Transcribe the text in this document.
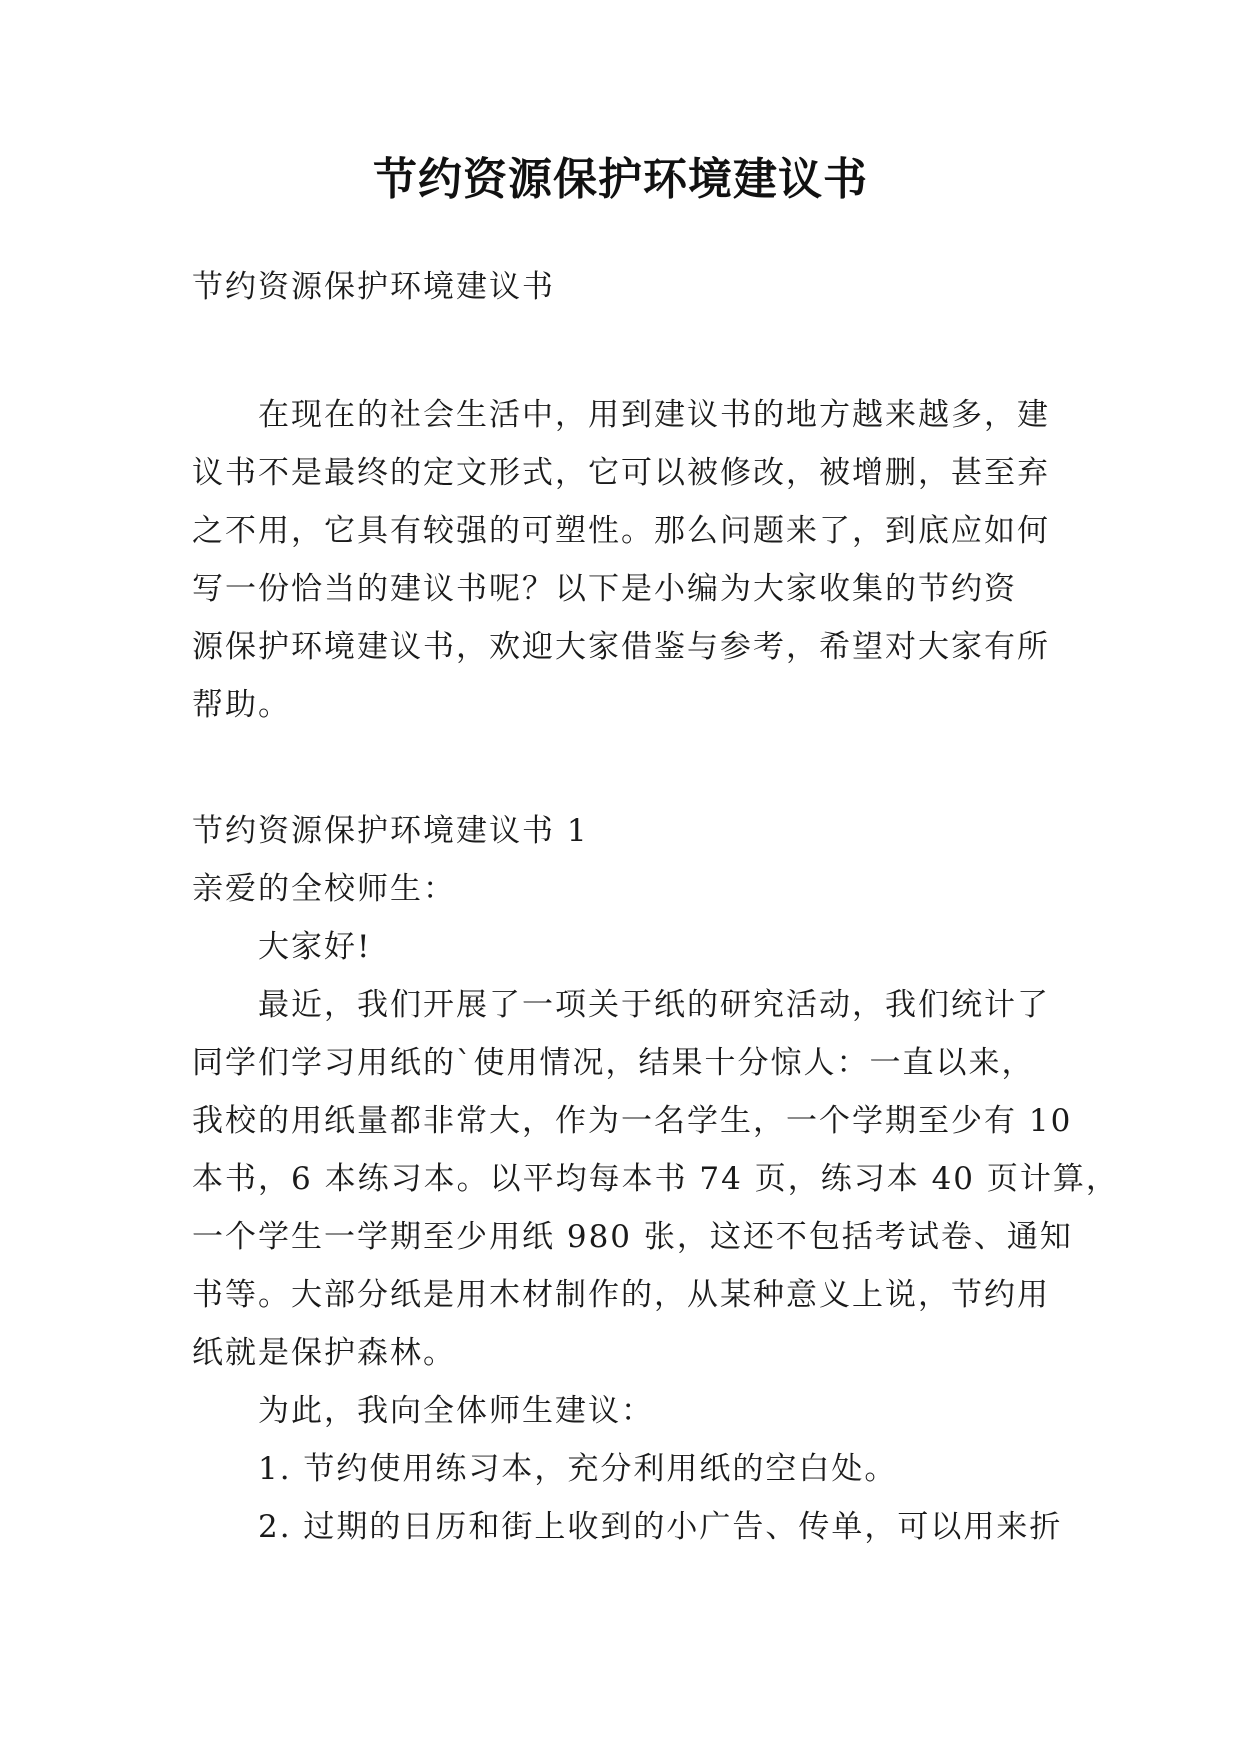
节约资源保护环境建议书
节约资源保护环境建议书
在现在的社会生活中，用到建议书的地方越来越多，建
议书不是最终的定文形式，它可以被修改，被增删，甚至弃
之不用，它具有较强的可塑性。那么问题来了，到底应如何
写一份恰当的建议书呢？以下是小编为大家收集的节约资
源保护环境建议书，欢迎大家借鉴与参考，希望对大家有所
帮助。
节约资源保护环境建议书 1
亲爱的全校师生：
大家好!
最近，我们开展了一项关于纸的研究活动，我们统计了
同学们学习用纸的`使用情况，结果十分惊人：一直以来，
我校的用纸量都非常大，作为一名学生，一个学期至少有 10
本书，6 本练习本。以平均每本书 74 页，练习本 40 页计算，
一个学生一学期至少用纸 980 张，这还不包括考试卷、通知
书等。大部分纸是用木材制作的，从某种意义上说，节约用
纸就是保护森林。
为此，我向全体师生建议：
1. 节约使用练习本，充分利用纸的空白处。
2. 过期的日历和街上收到的小广告、传单，可以用来折
